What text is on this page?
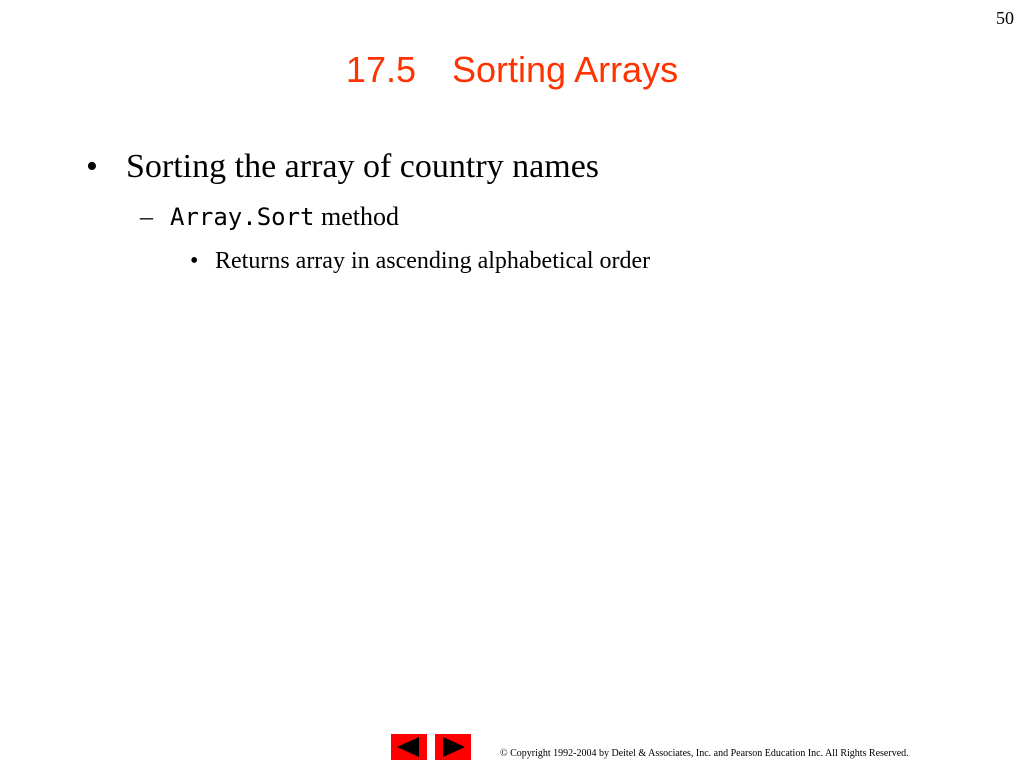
50
17.5 Sorting Arrays
• Sorting the array of country names
– Array.Sort method
• Returns array in ascending alphabetical order
© Copyright 1992-2004 by Deitel & Associates, Inc. and Pearson Education Inc. All Rights Reserved.
